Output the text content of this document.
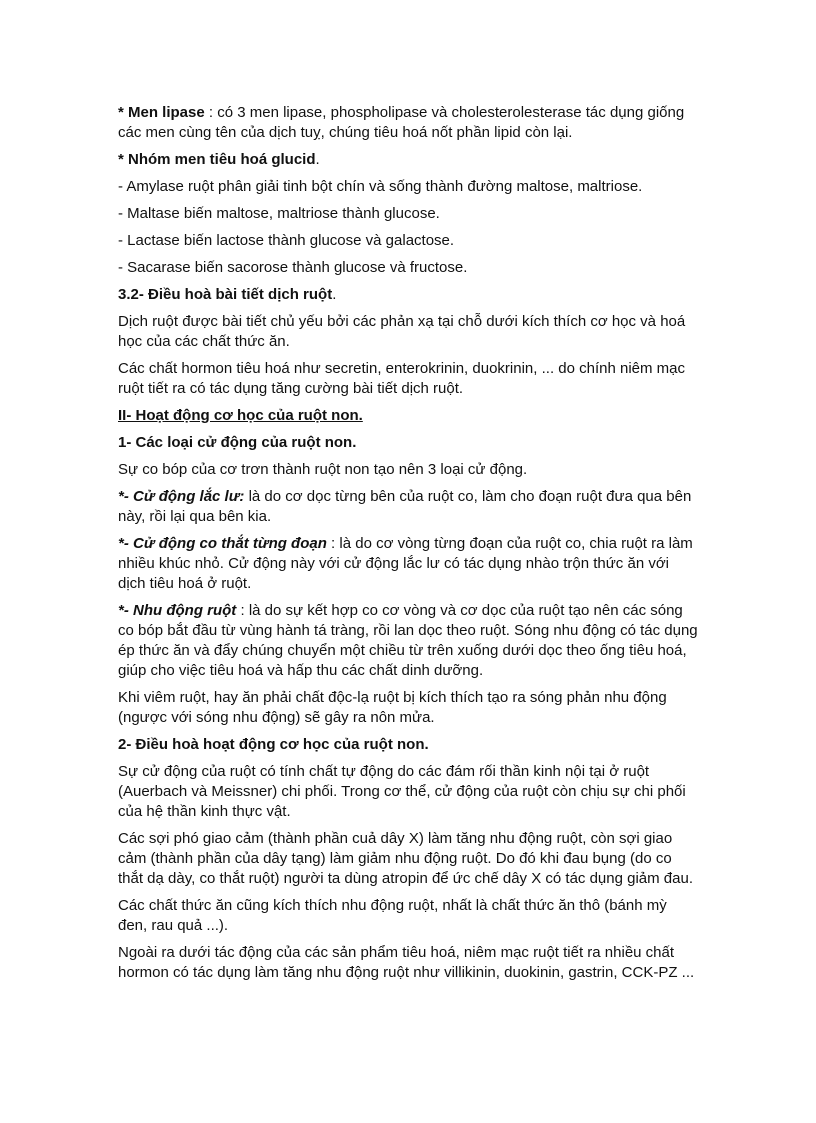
* Men lipase : có 3 men lipase, phospholipase và cholesterolesterase tác dụng giống các men cùng tên của dịch tuỵ, chúng tiêu hoá nốt phần lipid còn lại.

* Nhóm men tiêu hoá glucid.

- Amylase ruột phân giải tinh bột chín và sống thành đường maltose, maltriose.

- Maltase biến maltose, maltriose thành glucose.

- Lactase biến lactose thành glucose và galactose.

- Sacarase biến sacorose thành glucose và fructose.

3.2- Điều hoà bài tiết dịch ruột.

Dịch ruột được bài tiết chủ yếu bởi các phản xạ tại chỗ dưới kích thích cơ học và hoá học của các chất thức ăn.

Các chất hormon tiêu hoá như secretin, enterokrinin, duokrinin, ... do chính niêm mạc ruột tiết ra có tác dụng tăng cường bài tiết dịch ruột.

II- Hoạt động cơ học của ruột non.

1- Các loại cử động của ruột non.

Sự co bóp của cơ trơn thành ruột non tạo nên 3 loại cử động.

*- Cử động lắc lư: là do cơ dọc từng bên của ruột co, làm cho đoạn ruột đưa qua bên này, rồi lại qua bên kia.

*- Cử động co thắt từng đoạn : là do cơ vòng từng đoạn của ruột co, chia ruột ra làm nhiều khúc nhỏ. Cử động này với cử động lắc lư có tác dụng nhào trộn thức ăn với dịch tiêu hoá ở ruột.

*- Nhu động ruột : là do sự kết hợp co cơ vòng và cơ dọc của ruột tạo nên các sóng co bóp bắt đầu từ vùng hành tá tràng, rồi lan dọc theo ruột. Sóng nhu động có tác dụng ép thức ăn và đẩy chúng chuyển một chiều từ trên xuống dưới dọc theo ống tiêu hoá, giúp cho việc tiêu hoá và hấp thu các chất dinh dưỡng.

Khi viêm ruột, hay ăn phải chất độc-lạ ruột bị kích thích tạo ra sóng phản nhu động (ngược với sóng nhu động) sẽ gây ra nôn mửa.

2- Điều hoà hoạt động cơ học của ruột non.

Sự cử động của ruột có tính chất tự động do các đám rối thần kinh nội tại ở ruột (Auerbach và Meissner) chi phối. Trong cơ thể, cử động của ruột còn chịu sự chi phối của hệ thần kinh thực vật.

Các sợi phó giao cảm (thành phần cuả dây X) làm tăng nhu động ruột, còn sợi giao cảm (thành phần của dây tạng) làm giảm nhu động ruột. Do đó khi đau bụng (do co thắt dạ dày, co thắt ruột) người ta dùng atropin để ức chế dây X có tác dụng giảm đau.

Các chất thức ăn cũng kích thích nhu động ruột, nhất là chất thức ăn thô (bánh mỳ đen, rau quả ...).

Ngoài ra dưới tác động của các sản phẩm tiêu hoá, niêm mạc ruột tiết ra nhiều chất hormon có tác dụng làm tăng nhu động ruột như villikinin, duokinin, gastrin, CCK-PZ ...
